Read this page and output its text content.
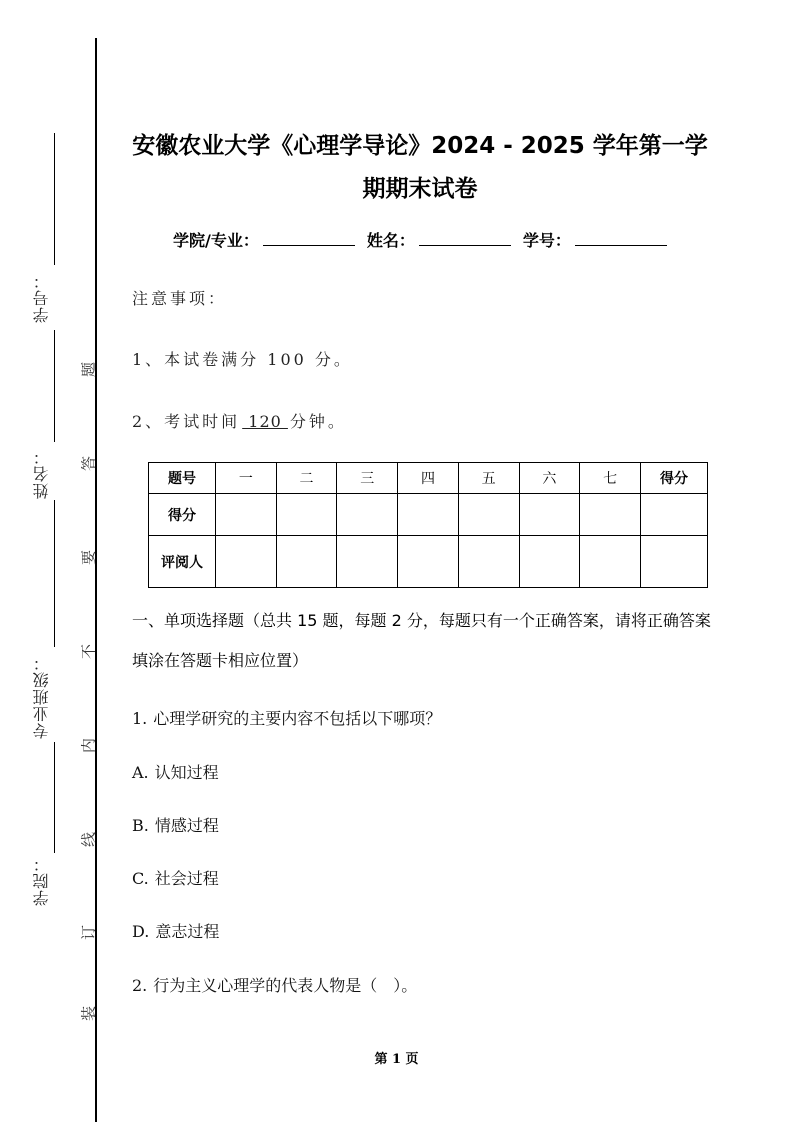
学号：
姓名：
专业班级：
学院：
题
答
要
不
内
线
订
装
安徽农业大学《心理学导论》2024 - 2025 学年第一学
期期末试卷
学院/专业：	姓名：	学号：
注意事项：
1、本试卷满分 100 分。
2、考试时间 120 分钟。
题号	一	二	三	四	五	六	七	得分
得分								
评阅人								
一、单项选择题（总共 15 题，每题 2 分，每题只有一个正确答案，请将正确答案填涂在答题卡相应位置）
1. 心理学研究的主要内容不包括以下哪项？
A. 认知过程
B. 情感过程
C. 社会过程
D. 意志过程
2. 行为主义心理学的代表人物是（　）。
第 1 页
